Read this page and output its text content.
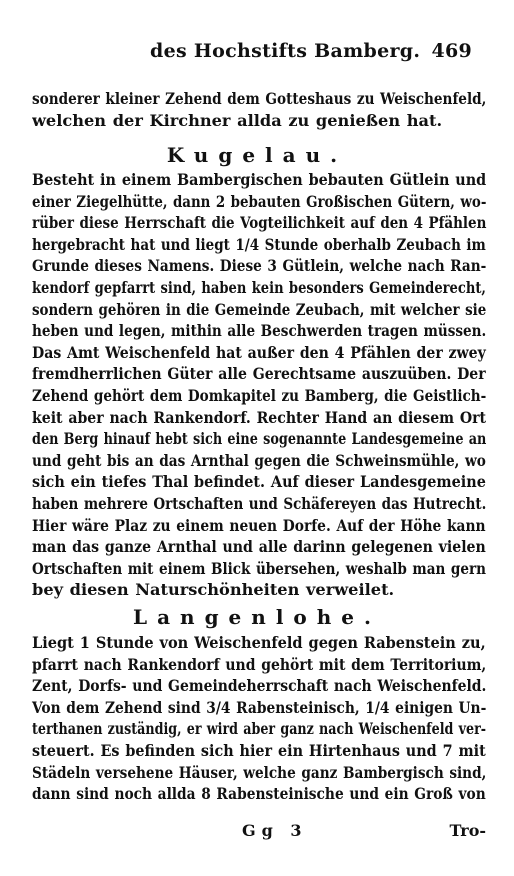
des Hochstifts Bamberg. 469
sonderer kleiner Zehend dem Gotteshaus zu Weischenfeld,
welchen der Kirchner allda zu genießen hat.
Kugelau.
Besteht in einem Bambergischen bebauten Gütlein und
einer Ziegelhütte, dann 2 bebauten Großischen Gütern, wo-
rüber diese Herrschaft die Vogteilichkeit auf den 4 Pfählen
hergebracht hat und liegt 1/4 Stunde oberhalb Zeubach im
Grunde dieses Namens. Diese 3 Gütlein, welche nach Ran-
kendorf gepfarrt sind, haben kein besonders Gemeinderecht,
sondern gehören in die Gemeinde Zeubach, mit welcher sie
heben und legen, mithin alle Beschwerden tragen müssen.
Das Amt Weischenfeld hat außer den 4 Pfählen der zwey
fremdherrlichen Güter alle Gerechtsame auszuüben. Der
Zehend gehört dem Domkapitel zu Bamberg, die Geistlich-
keit aber nach Rankendorf. Rechter Hand an diesem Ort
den Berg hinauf hebt sich eine sogenannte Landesgemeine an
und geht bis an das Arnthal gegen die Schweinsmühle, wo
sich ein tiefes Thal befindet. Auf dieser Landesgemeine
haben mehrere Ortschaften und Schäfereyen das Hutrecht.
Hier wäre Plaz zu einem neuen Dorfe. Auf der Höhe kann
man das ganze Arnthal und alle darinn gelegenen vielen
Ortschaften mit einem Blick übersehen, weshalb man gern
bey diesen Naturschönheiten verweilet.
Langenlohe.
Liegt 1 Stunde von Weischenfeld gegen Rabenstein zu,
pfarrt nach Rankendorf und gehört mit dem Territorium,
Zent, Dorfs- und Gemeindeherrschaft nach Weischenfeld.
Von dem Zehend sind 3/4 Rabensteinisch, 1/4 einigen Un-
terthanen zuständig, er wird aber ganz nach Weischenfeld ver-
steuert. Es befinden sich hier ein Hirtenhaus und 7 mit
Städeln versehene Häuser, welche ganz Bambergisch sind,
dann sind noch allda 8 Rabensteinische und ein Groß von
Gg 3	Tro-
